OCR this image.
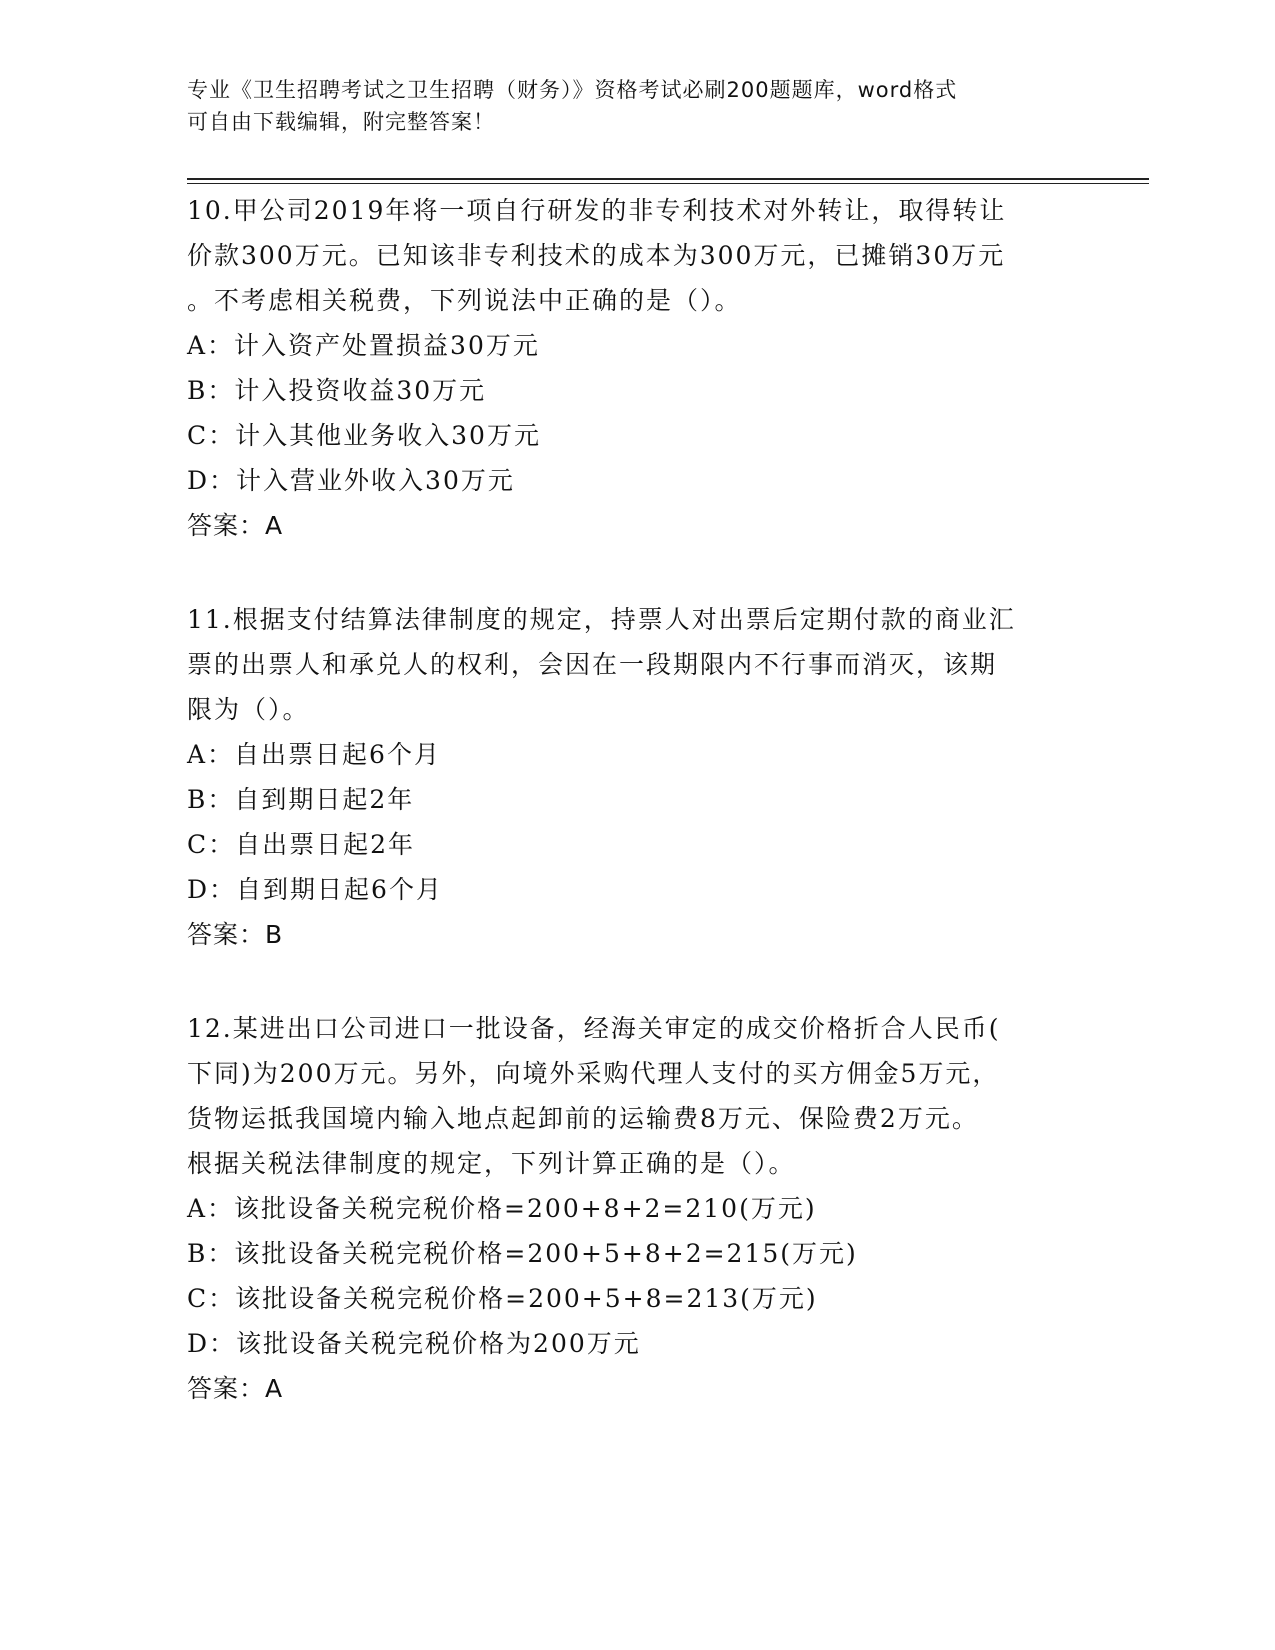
专业《卫生招聘考试之卫生招聘（财务）》资格考试必刷200题题库，word格式
可自由下载编辑，附完整答案！
10.甲公司2019年将一项自行研发的非专利技术对外转让，取得转让
价款300万元。已知该非专利技术的成本为300万元，已摊销30万元
。不考虑相关税费，下列说法中正确的是（）。
A：计入资产处置损益30万元
B：计入投资收益30万元
C：计入其他业务收入30万元
D：计入营业外收入30万元
答案：A
11.根据支付结算法律制度的规定，持票人对出票后定期付款的商业汇
票的出票人和承兑人的权利，会因在一段期限内不行事而消灭，该期
限为（）。
A：自出票日起6个月
B：自到期日起2年
C：自出票日起2年
D：自到期日起6个月
答案：B
12.某进出口公司进口一批设备，经海关审定的成交价格折合人民币(
下同)为200万元。另外，向境外采购代理人支付的买方佣金5万元，
货物运抵我国境内输入地点起卸前的运输费8万元、保险费2万元。
根据关税法律制度的规定，下列计算正确的是（）。
A：该批设备关税完税价格=200+8+2=210(万元)
B：该批设备关税完税价格=200+5+8+2=215(万元)
C：该批设备关税完税价格=200+5+8=213(万元)
D：该批设备关税完税价格为200万元
答案：A
